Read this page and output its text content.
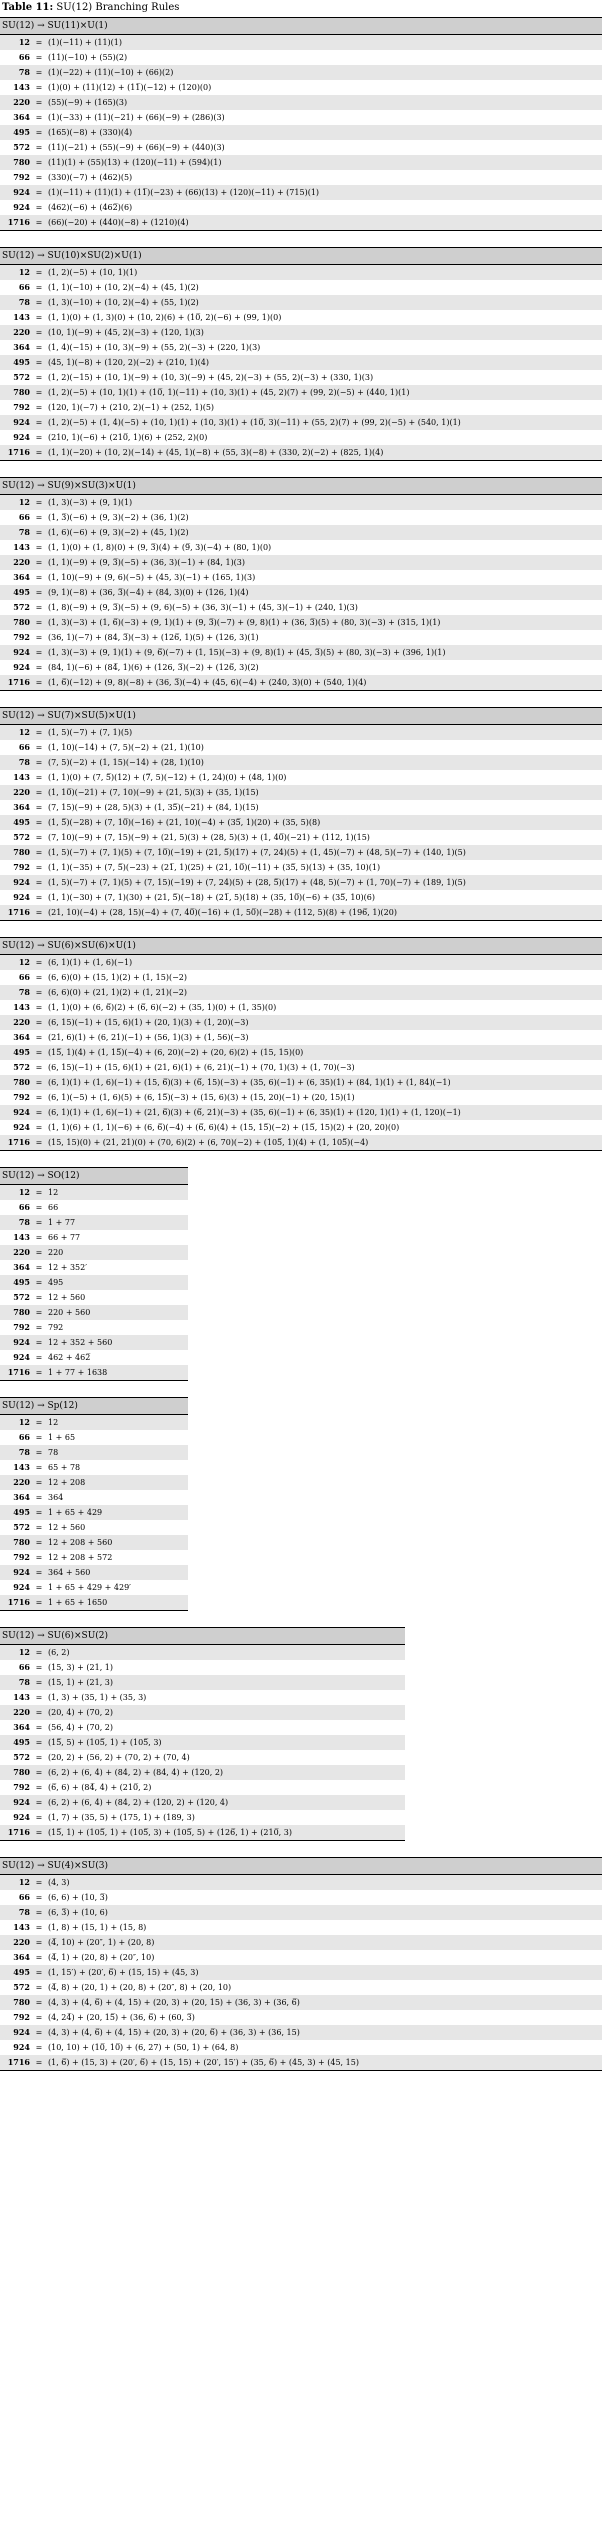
Table 11: SU(12) Branching Rules
SU(12) → SU(11)×U(1)		
12	=	(1)(−11) + (11)(1)
66	=	(11)(−10) + (55)(2)
78	=	(1)(−22) + (11)(−10) + (66)(2)
143	=	(1)(0) + (11)(12) + (11̅)(−12) + (120)(0)
220	=	(55)(−9) + (165)(3)
364	=	(1)(−33) + (11)(−21) + (66)(−9) + (286)(3)
495	=	(165)(−8) + (330)(4)
572	=	(11)(−21) + (55)(−9) + (66)(−9) + (440)(3)
780	=	(11)(1) + (55)(13) + (120)(−11) + (594)(1)
792	=	(330)(−7) + (462)(5)
924	=	(1)(−11) + (11)(1) + (11̅)(−23) + (66)(13) + (120)(−11) + (715)(1)
924	=	(462)(−6) + (462̅)(6)
1716	=	(66)(−20) + (440)(−8) + (1210)(4)
SU(12) → SU(10)×SU(2)×U(1)		
12	=	(1, 2)(−5) + (10, 1)(1)
66	=	(1, 1)(−10) + (10, 2)(−4) + (45, 1)(2)
78	=	(1, 3)(−10) + (10, 2)(−4) + (55, 1)(2)
143	=	(1, 1)(0) + (1, 3)(0) + (10, 2)(6) + (10̅, 2)(−6) + (99, 1)(0)
220	=	(10, 1)(−9) + (45, 2)(−3) + (120, 1)(3)
364	=	(1, 4)(−15) + (10, 3)(−9) + (55, 2)(−3) + (220, 1)(3)
495	=	(45, 1)(−8) + (120, 2)(−2) + (210, 1)(4)
572	=	(1, 2)(−15) + (10, 1)(−9) + (10, 3)(−9) + (45, 2)(−3) + (55, 2)(−3) + (330, 1)(3)
780	=	(1, 2)(−5) + (10, 1)(1) + (10̅, 1)(−11) + (10, 3)(1) + (45, 2)(7) + (99, 2)(−5) + (440, 1)(1)
792	=	(120, 1)(−7) + (210, 2)(−1) + (252, 1)(5)
924	=	(1, 2)(−5) + (1, 4)(−5) + (10, 1)(1) + (10, 3)(1) + (10̅, 3)(−11) + (55, 2)(7) + (99, 2)(−5) + (540, 1)(1)
924	=	(210, 1)(−6) + (210̅, 1)(6) + (252, 2)(0)
1716	=	(1, 1)(−20) + (10, 2)(−14) + (45, 1)(−8) + (55, 3)(−8) + (330, 2)(−2) + (825, 1)(4)
SU(12) → SU(9)×SU(3)×U(1)		
12	=	(1, 3)(−3) + (9, 1)(1)
66	=	(1, 3̅)(−6) + (9, 3)(−2) + (36, 1)(2)
78	=	(1, 6)(−6) + (9, 3)(−2) + (45, 1)(2)
143	=	(1, 1)(0) + (1, 8)(0) + (9, 3̅)(4) + (9̅, 3)(−4) + (80, 1)(0)
220	=	(1, 1)(−9) + (9, 3̅)(−5) + (36, 3)(−1) + (84, 1)(3)
364	=	(1, 10)(−9) + (9, 6)(−5) + (45, 3)(−1) + (165, 1)(3)
495	=	(9, 1)(−8) + (36, 3̅)(−4) + (84, 3)(0) + (126, 1)(4)
572	=	(1, 8)(−9) + (9, 3̅)(−5) + (9, 6)(−5) + (36, 3)(−1) + (45, 3)(−1) + (240, 1)(3)
780	=	(1, 3)(−3) + (1, 6̅)(−3) + (9, 1)(1) + (9, 3̅)(−7) + (9, 8)(1) + (36, 3̅)(5) + (80, 3)(−3) + (315, 1)(1)
792	=	(36, 1)(−7) + (84, 3̅)(−3) + (126̅, 1)(5) + (126, 3)(1)
924	=	(1, 3)(−3) + (9, 1)(1) + (9, 6̅)(−7) + (1, 15)(−3) + (9, 8)(1) + (45, 3̅)(5) + (80, 3)(−3) + (396, 1)(1)
924	=	(84, 1)(−6) + (84̅, 1)(6) + (126, 3̅)(−2) + (126̅, 3)(2)
1716	=	(1, 6̅)(−12) + (9, 8)(−8) + (36, 3̅)(−4) + (45, 6)(−4) + (240, 3)(0) + (540, 1)(4)
SU(12) → SU(7)×SU(5)×U(1)		
12	=	(1, 5)(−7) + (7, 1)(5)
66	=	(1, 10)(−14) + (7, 5)(−2) + (21, 1)(10)
78	=	(7, 5)(−2) + (1, 15)(−14) + (28, 1)(10)
143	=	(1, 1)(0) + (7, 5̅)(12) + (7̅, 5)(−12) + (1, 24)(0) + (48, 1)(0)
220	=	(1, 10̅)(−21) + (7, 10)(−9) + (21, 5)(3) + (35, 1)(15)
364	=	(7, 15)(−9) + (28, 5)(3) + (1, 35̅)(−21) + (84, 1)(15)
495	=	(1, 5̅)(−28) + (7, 10̅)(−16) + (21, 10)(−4) + (35̅, 1)(20) + (35, 5)(8)
572	=	(7, 10)(−9) + (7, 15)(−9) + (21, 5)(3) + (28, 5)(3) + (1, 40̅)(−21) + (112, 1)(15)
780	=	(1, 5)(−7) + (7, 1)(5) + (7, 10̅)(−19) + (21, 5̅)(17) + (7, 24)(5) + (1, 45)(−7) + (48, 5)(−7) + (140, 1)(5)
792	=	(1, 1)(−35) + (7, 5̅)(−23) + (21̅, 1)(25) + (21, 10̅)(−11) + (35̅, 5)(13) + (35, 10)(1)
924	=	(1, 5)(−7) + (7, 1)(5) + (7, 15)(−19) + (7, 24)(5) + (28, 5̅)(17) + (48, 5)(−7) + (1, 70)(−7) + (189, 1)(5)
924	=	(1, 1)(−30) + (7, 1)(30) + (21, 5̅)(−18) + (21̅, 5)(18) + (35, 10̅)(−6) + (35̅, 10)(6)
1716	=	(21, 10)(−4) + (28, 15)(−4) + (7, 40̅)(−16) + (1, 50̅)(−28) + (112, 5)(8) + (196̅, 1)(20)
SU(12) → SU(6)×SU(6)×U(1)		
12	=	(6, 1)(1) + (1, 6)(−1)
66	=	(6, 6)(0) + (15, 1)(2) + (1, 15)(−2)
78	=	(6, 6)(0) + (21, 1)(2) + (1, 21)(−2)
143	=	(1, 1)(0) + (6, 6̅)(2) + (6̅, 6)(−2) + (35, 1)(0) + (1, 35)(0)
220	=	(6, 15)(−1) + (15, 6)(1) + (20, 1)(3) + (1, 20)(−3)
364	=	(21, 6)(1) + (6, 21)(−1) + (56, 1)(3) + (1, 56)(−3)
495	=	(15̅, 1)(4) + (1, 15̅)(−4) + (6, 20)(−2) + (20, 6)(2) + (15, 15)(0)
572	=	(6, 15)(−1) + (15, 6)(1) + (21, 6)(1) + (6, 21)(−1) + (70, 1)(3) + (1, 70)(−3)
780	=	(6, 1)(1) + (1, 6)(−1) + (15, 6̅)(3) + (6̅, 15)(−3) + (35, 6)(−1) + (6, 35)(1) + (84, 1)(1) + (1, 84)(−1)
792	=	(6, 1)(−5) + (1, 6)(5) + (6, 15̅)(−3) + (15, 6)(3) + (15, 20)(−1) + (20, 15)(1)
924	=	(6, 1)(1) + (1, 6)(−1) + (21, 6̅)(3) + (6̅, 21)(−3) + (35, 6)(−1) + (6, 35)(1) + (120, 1)(1) + (1, 120)(−1)
924	=	(1, 1)(6) + (1, 1)(−6) + (6, 6̅)(−4) + (6̅, 6)(4) + (15, 15̅)(−2) + (15̅, 15)(2) + (20, 20)(0)
1716	=	(15, 15)(0) + (21, 21)(0) + (70, 6)(2) + (6, 70)(−2) + (105̅, 1)(4) + (1, 105̅)(−4)
SU(12) → SO(12)		
12	=	12
66	=	66
78	=	1 + 77
143	=	66 + 77
220	=	220
364	=	12 + 352′
495	=	495
572	=	12 + 560
780	=	220 + 560
792	=	792
924	=	12 + 352 + 560
924	=	462 + 462̅
1716	=	1 + 77 + 1638
SU(12) → Sp(12)		
12	=	12
66	=	1 + 65
78	=	78
143	=	65 + 78
220	=	12 + 208
364	=	364
495	=	1 + 65 + 429
572	=	12 + 560
780	=	12 + 208 + 560
792	=	12 + 208 + 572
924	=	364 + 560
924	=	1 + 65 + 429 + 429′
1716	=	1 + 65 + 1650
SU(12) → SU(6)×SU(2)		
12	=	(6, 2)
66	=	(15, 3) + (21, 1)
78	=	(15, 1) + (21, 3)
143	=	(1, 3) + (35, 1) + (35, 3)
220	=	(20, 4) + (70, 2)
364	=	(56, 4) + (70, 2)
495	=	(15̅, 5) + (105̅, 1) + (105̅, 3)
572	=	(20, 2) + (56, 2) + (70, 2) + (70, 4)
780	=	(6, 2) + (6, 4) + (84, 2) + (84, 4) + (120, 2)
792	=	(6̅, 6) + (84̅, 4) + (210̅, 2)
924	=	(6, 2) + (6, 4) + (84, 2) + (120, 2) + (120, 4)
924	=	(1, 7) + (35, 5) + (175, 1) + (189, 3)
1716	=	(15̅, 1) + (105̅, 1) + (105̅, 3) + (105̅, 5) + (126̅, 1) + (210̅, 3)
SU(12) → SU(4)×SU(3)		
12	=	(4, 3)
66	=	(6, 6) + (10, 3̅)
78	=	(6, 3̅) + (10, 6)
143	=	(1, 8) + (15, 1) + (15, 8)
220	=	(4̅, 10) + (20″, 1) + (20, 8)
364	=	(4̅, 1) + (20, 8) + (20″, 10)
495	=	(1, 15′) + (20′, 6̅) + (15, 15) + (45, 3)
572	=	(4̅, 8) + (20, 1) + (20, 8) + (20″, 8) + (20, 10)
780	=	(4, 3) + (4, 6̅) + (4, 15) + (20, 3) + (20, 15) + (36, 3) + (36, 6̅)
792	=	(4, 24̅) + (20, 15̅) + (36, 6̅) + (60, 3̅)
924	=	(4, 3) + (4, 6̅) + (4, 15) + (20, 3) + (20, 6̅) + (36, 3) + (36, 15)
924	=	(10, 10) + (10̅, 10̅) + (6, 27) + (50, 1) + (64, 8)
1716	=	(1, 6̅) + (15, 3) + (20′, 6̅) + (15, 15) + (20′, 15′) + (35, 6̅) + (45, 3) + (45, 15)
